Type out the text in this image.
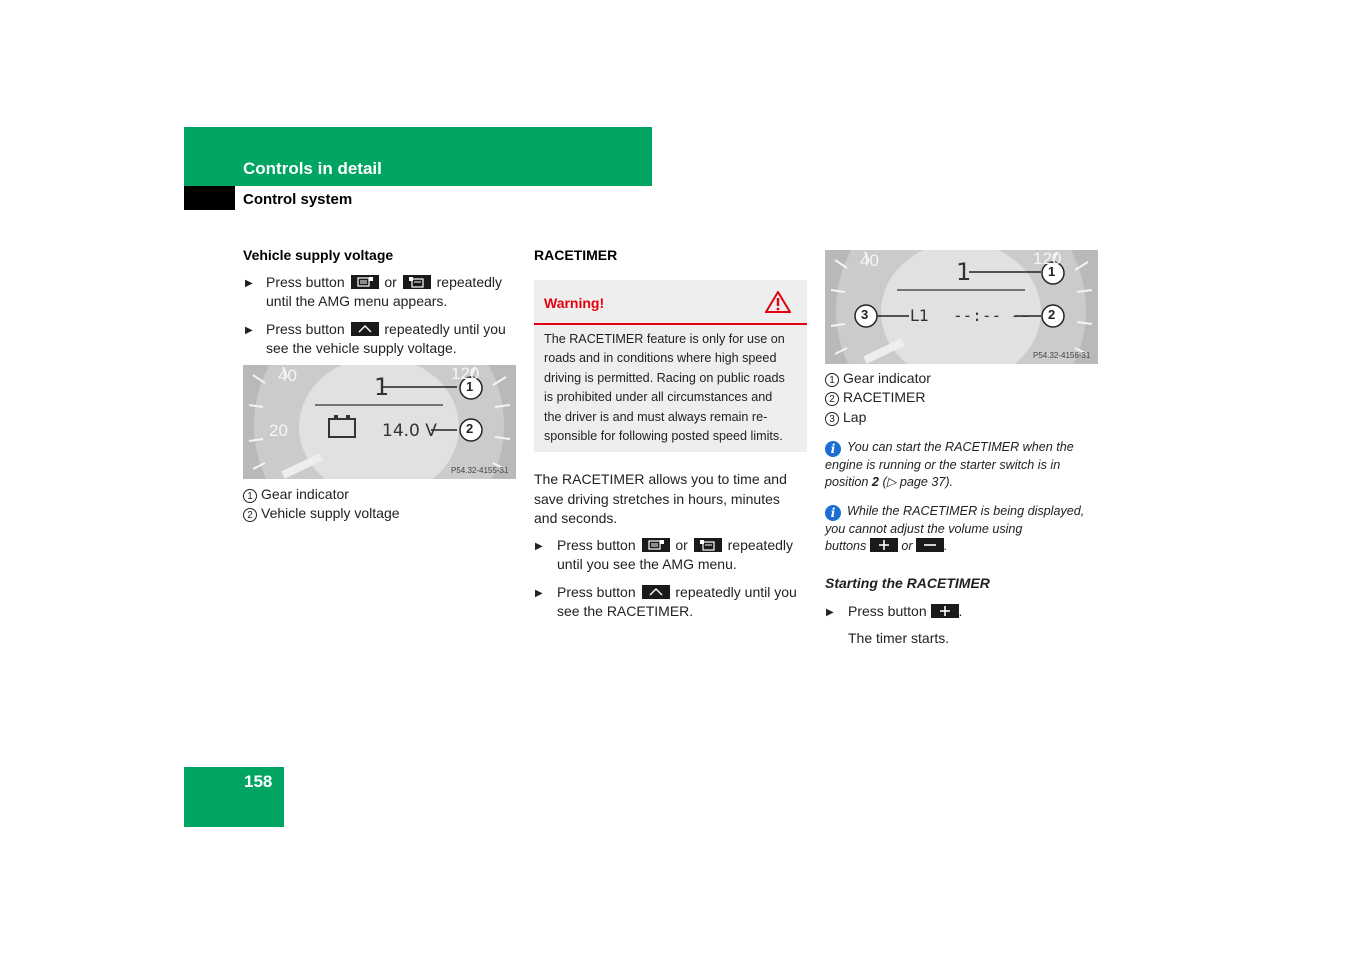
Controls in detail
Control system
Vehicle supply voltage
▶ Press button	or	repeatedly
until the AMG menu appears.
▶ Press button	repeatedly until you
see the vehicle supply voltage.
40
20
120
1
14.0 V
1
2
P54.32-4155-31
1 Gear indicator
2 Vehicle supply voltage
RACETIMER
Warning!
The RACETIMER feature is only for use on
roads and in conditions where high speed
driving is permitted. Racing on public roads
is prohibited under all circumstances and
the driver is and must always remain re-
sponsible for following posted speed limits.
The RACETIMER allows you to time and
save driving stretches in hours, minutes
and seconds.
▶ Press button	or	repeatedly
until you see the AMG menu.
▶ Press button	repeatedly until you
see the RACETIMER.
40	120
1
L1 --:-- --
1
2
3
P54.32-4156-31
1 Gear indicator
2 RACETIMER
3 Lap
i You can start the RACETIMER when the
engine is running or the starter switch is in
position 2 (▷ page 37).
i While the RACETIMER is being displayed,
you cannot adjust the volume using
buttons	or	.
Starting the RACETIMER
▶ Press button .
The timer starts.
158
